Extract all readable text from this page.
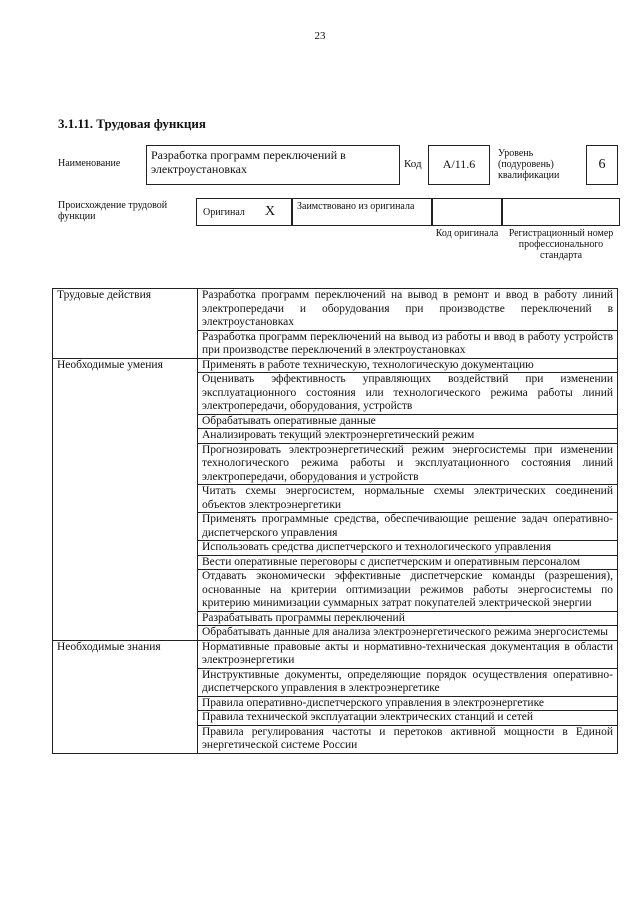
23
3.1.11. Трудовая функция
Наименование
Разработка программ переключений в электроустановках	Код	A/11.6
Уровень (подуровень) квалификации
6
Происхождение трудовой функции	Оригинал X	Заимствовано из оригинала
Код оригинала	Регистрационный номер профессионального стандарта
Трудовые действия	Разработка программ переключений на вывод в ремонт и ввод в работу линий электропередачи и оборудования при производстве переключений в электроустановках
	Разработка программ переключений на вывод из работы и ввод в работу устройств при производстве переключений в электроустановках
Необходимые умения	Применять в работе техническую, технологическую документацию
	Оценивать эффективность управляющих воздействий при изменении эксплуатационного состояния или технологического режима работы линий электропередачи, оборудования, устройств
	Обрабатывать оперативные данные
	Анализировать текущий электроэнергетический режим
	Прогнозировать электроэнергетический режим энергосистемы при изменении технологического режима работы и эксплуатационного состояния линий электропередачи, оборудования и устройств
	Читать схемы энергосистем, нормальные схемы электрических соединений объектов электроэнергетики
	Применять программные средства, обеспечивающие решение задач оперативно-диспетчерского управления
	Использовать средства диспетчерского и технологического управления
	Вести оперативные переговоры с диспетчерским и оперативным персоналом
	Отдавать экономически эффективные диспетчерские команды (разрешения), основанные на критерии оптимизации режимов работы энергосистемы по критерию минимизации суммарных затрат покупателей электрической энергии
	Разрабатывать программы переключений
	Обрабатывать данные для анализа электроэнергетического режима энергосистемы
Необходимые знания	Нормативные правовые акты и нормативно-техническая документация в области электроэнергетики
	Инструктивные документы, определяющие порядок осуществления оперативно-диспетчерского управления в электроэнергетике
	Правила оперативно-диспетчерского управления в электроэнергетике
	Правила технической эксплуатации электрических станций и сетей
	Правила регулирования частоты и перетоков активной мощности в Единой энергетической системе России
